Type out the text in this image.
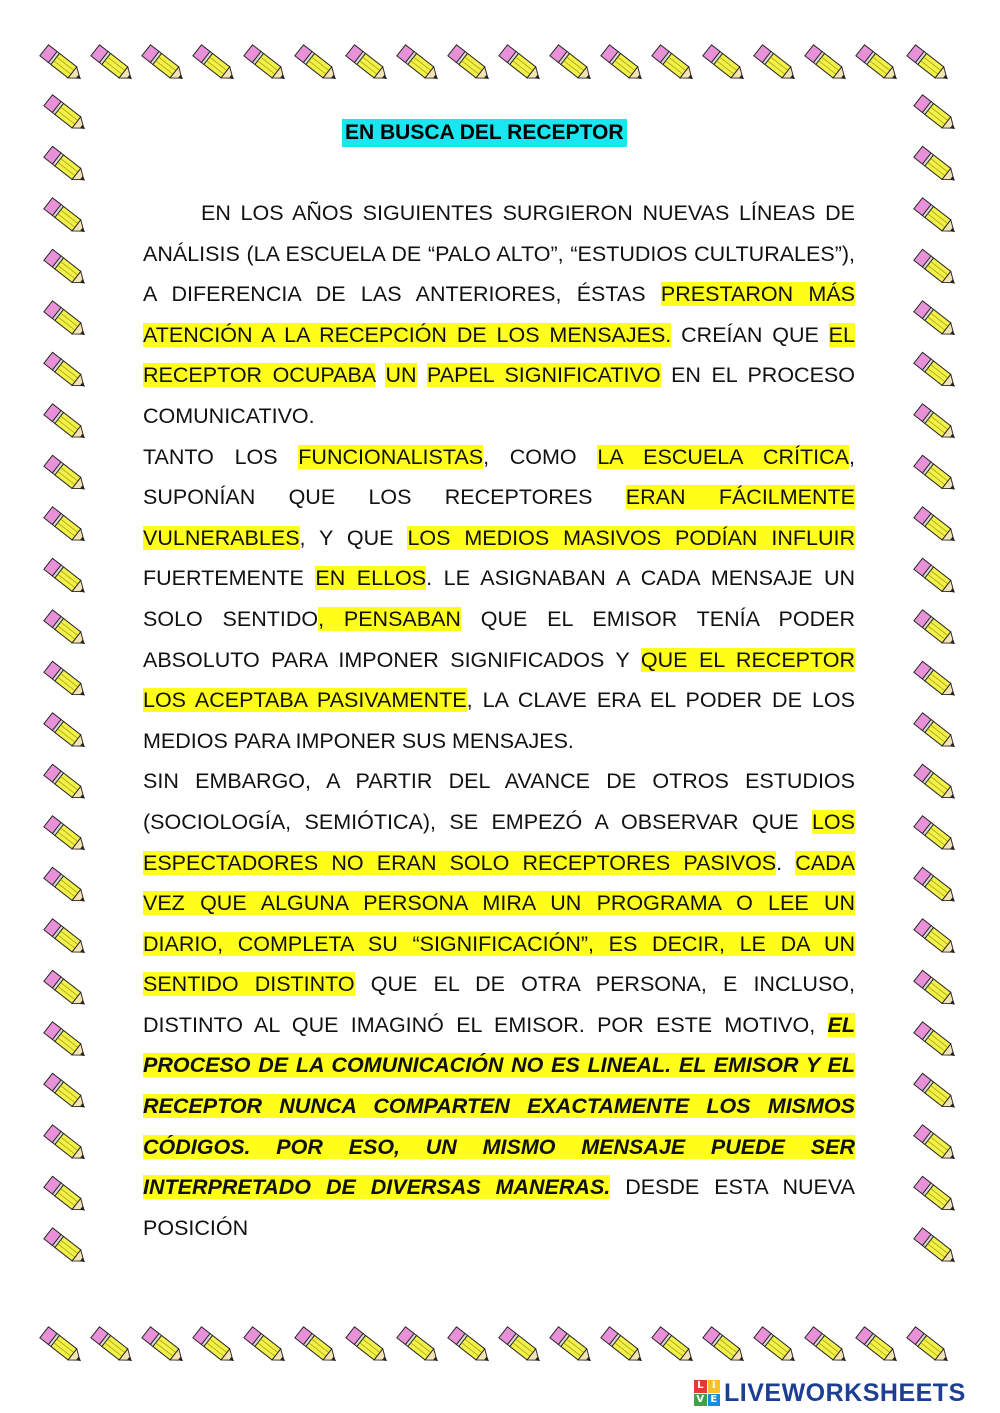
EN BUSCA DEL RECEPTOR

EN LOS AÑOS SIGUIENTES SURGIERON NUEVAS LÍNEAS DE ANÁLISIS (LA ESCUELA DE “PALO ALTO”, “ESTUDIOS CULTURALES”), A DIFERENCIA DE LAS ANTERIORES, ÉSTAS PRESTARON MÁS ATENCIÓN A LA RECEPCIÓN DE LOS MENSAJES. CREÍAN QUE EL RECEPTOR OCUPABA UN PAPEL SIGNIFICATIVO EN EL PROCESO COMUNICATIVO.

TANTO LOS FUNCIONALISTAS, COMO LA ESCUELA CRÍTICA, SUPONÍAN QUE LOS RECEPTORES ERAN FÁCILMENTE VULNERABLES, Y QUE LOS MEDIOS MASIVOS PODÍAN INFLUIR FUERTEMENTE EN ELLOS. LE ASIGNABAN A CADA MENSAJE UN SOLO SENTIDO, PENSABAN QUE EL EMISOR TENÍA PODER ABSOLUTO PARA IMPONER SIGNIFICADOS Y QUE EL RECEPTOR LOS ACEPTABA PASIVAMENTE, LA CLAVE ERA EL PODER DE LOS MEDIOS PARA IMPONER SUS MENSAJES.

SIN EMBARGO, A PARTIR DEL AVANCE DE OTROS ESTUDIOS (SOCIOLOGÍA, SEMIÓTICA), SE EMPEZÓ A OBSERVAR QUE LOS ESPECTADORES NO ERAN SOLO RECEPTORES PASIVOS. CADA VEZ QUE ALGUNA PERSONA MIRA UN PROGRAMA O LEE UN DIARIO, COMPLETA SU “SIGNIFICACIÓN”, ES DECIR, LE DA UN SENTIDO DISTINTO QUE EL DE OTRA PERSONA, E INCLUSO, DISTINTO AL QUE IMAGINÓ EL EMISOR. POR ESTE MOTIVO, EL PROCESO DE LA COMUNICACIÓN NO ES LINEAL. EL EMISOR Y EL RECEPTOR NUNCA COMPARTEN EXACTAMENTE LOS MISMOS CÓDIGOS. POR ESO, UN MISMO MENSAJE PUEDE SER INTERPRETADO DE DIVERSAS MANERAS. DESDE ESTA NUEVA POSICIÓN

L I
V E LIVEWORKSHEETS
